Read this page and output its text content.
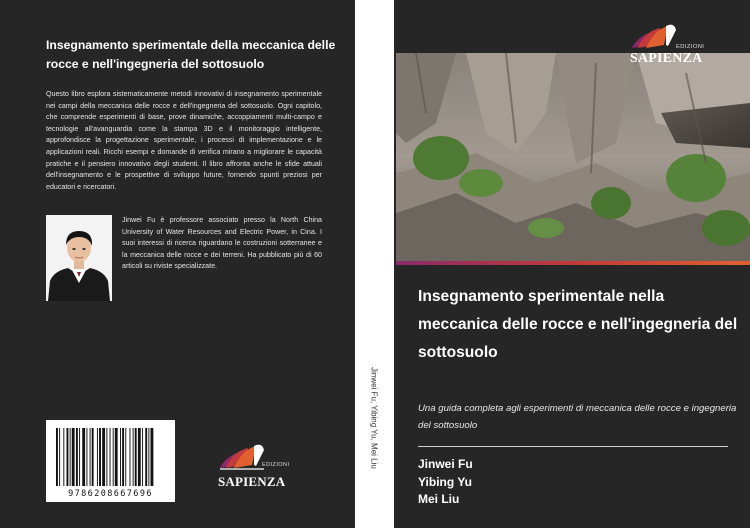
Insegnamento sperimentale della meccanica delle rocce e nell'ingegneria del sottosuolo
Questo libro esplora sistematicamente metodi innovativi di insegnamento sperimentale nei campi della meccanica delle rocce e dell'ingegneria del sottosuolo. Ogni capitolo, che comprende esperimenti di base, prove dinamiche, accoppiamenti multi-campo e tecnologie all'avanguardia come la stampa 3D e il monitoraggio intelligente, approfondisce la progettazione sperimentale, i processi di implementazione e le applicazioni reali. Ricchi esempi e domande di verifica mirano a migliorare le capacità pratiche e il pensiero innovativo degli studenti. Il libro affronta anche le sfide attuali dell'insegnamento e le prospettive di sviluppo future, fornendo spunti preziosi per educatori e ricercatori.
Jinwei Fu è professore associato presso la North China University of Water Resources and Electric Power, in Cina. I suoi interessi di ricerca riguardano le costruzioni sotterranee e la meccanica delle rocce e dei terreni. Ha pubblicato più di 60 articoli su riviste specializzate.
9786208667696
EDIZIONI
SAPIENZA
Jinwei Fu, Yibing Yu, Mei Liu
EDIZIONI
SAPIENZA
Insegnamento sperimentale nella meccanica delle rocce e nell'ingegneria del sottosuolo
Una guida completa agli esperimenti di meccanica delle rocce e ingegneria del sottosuolo
Jinwei Fu
Yibing Yu
Mei Liu
